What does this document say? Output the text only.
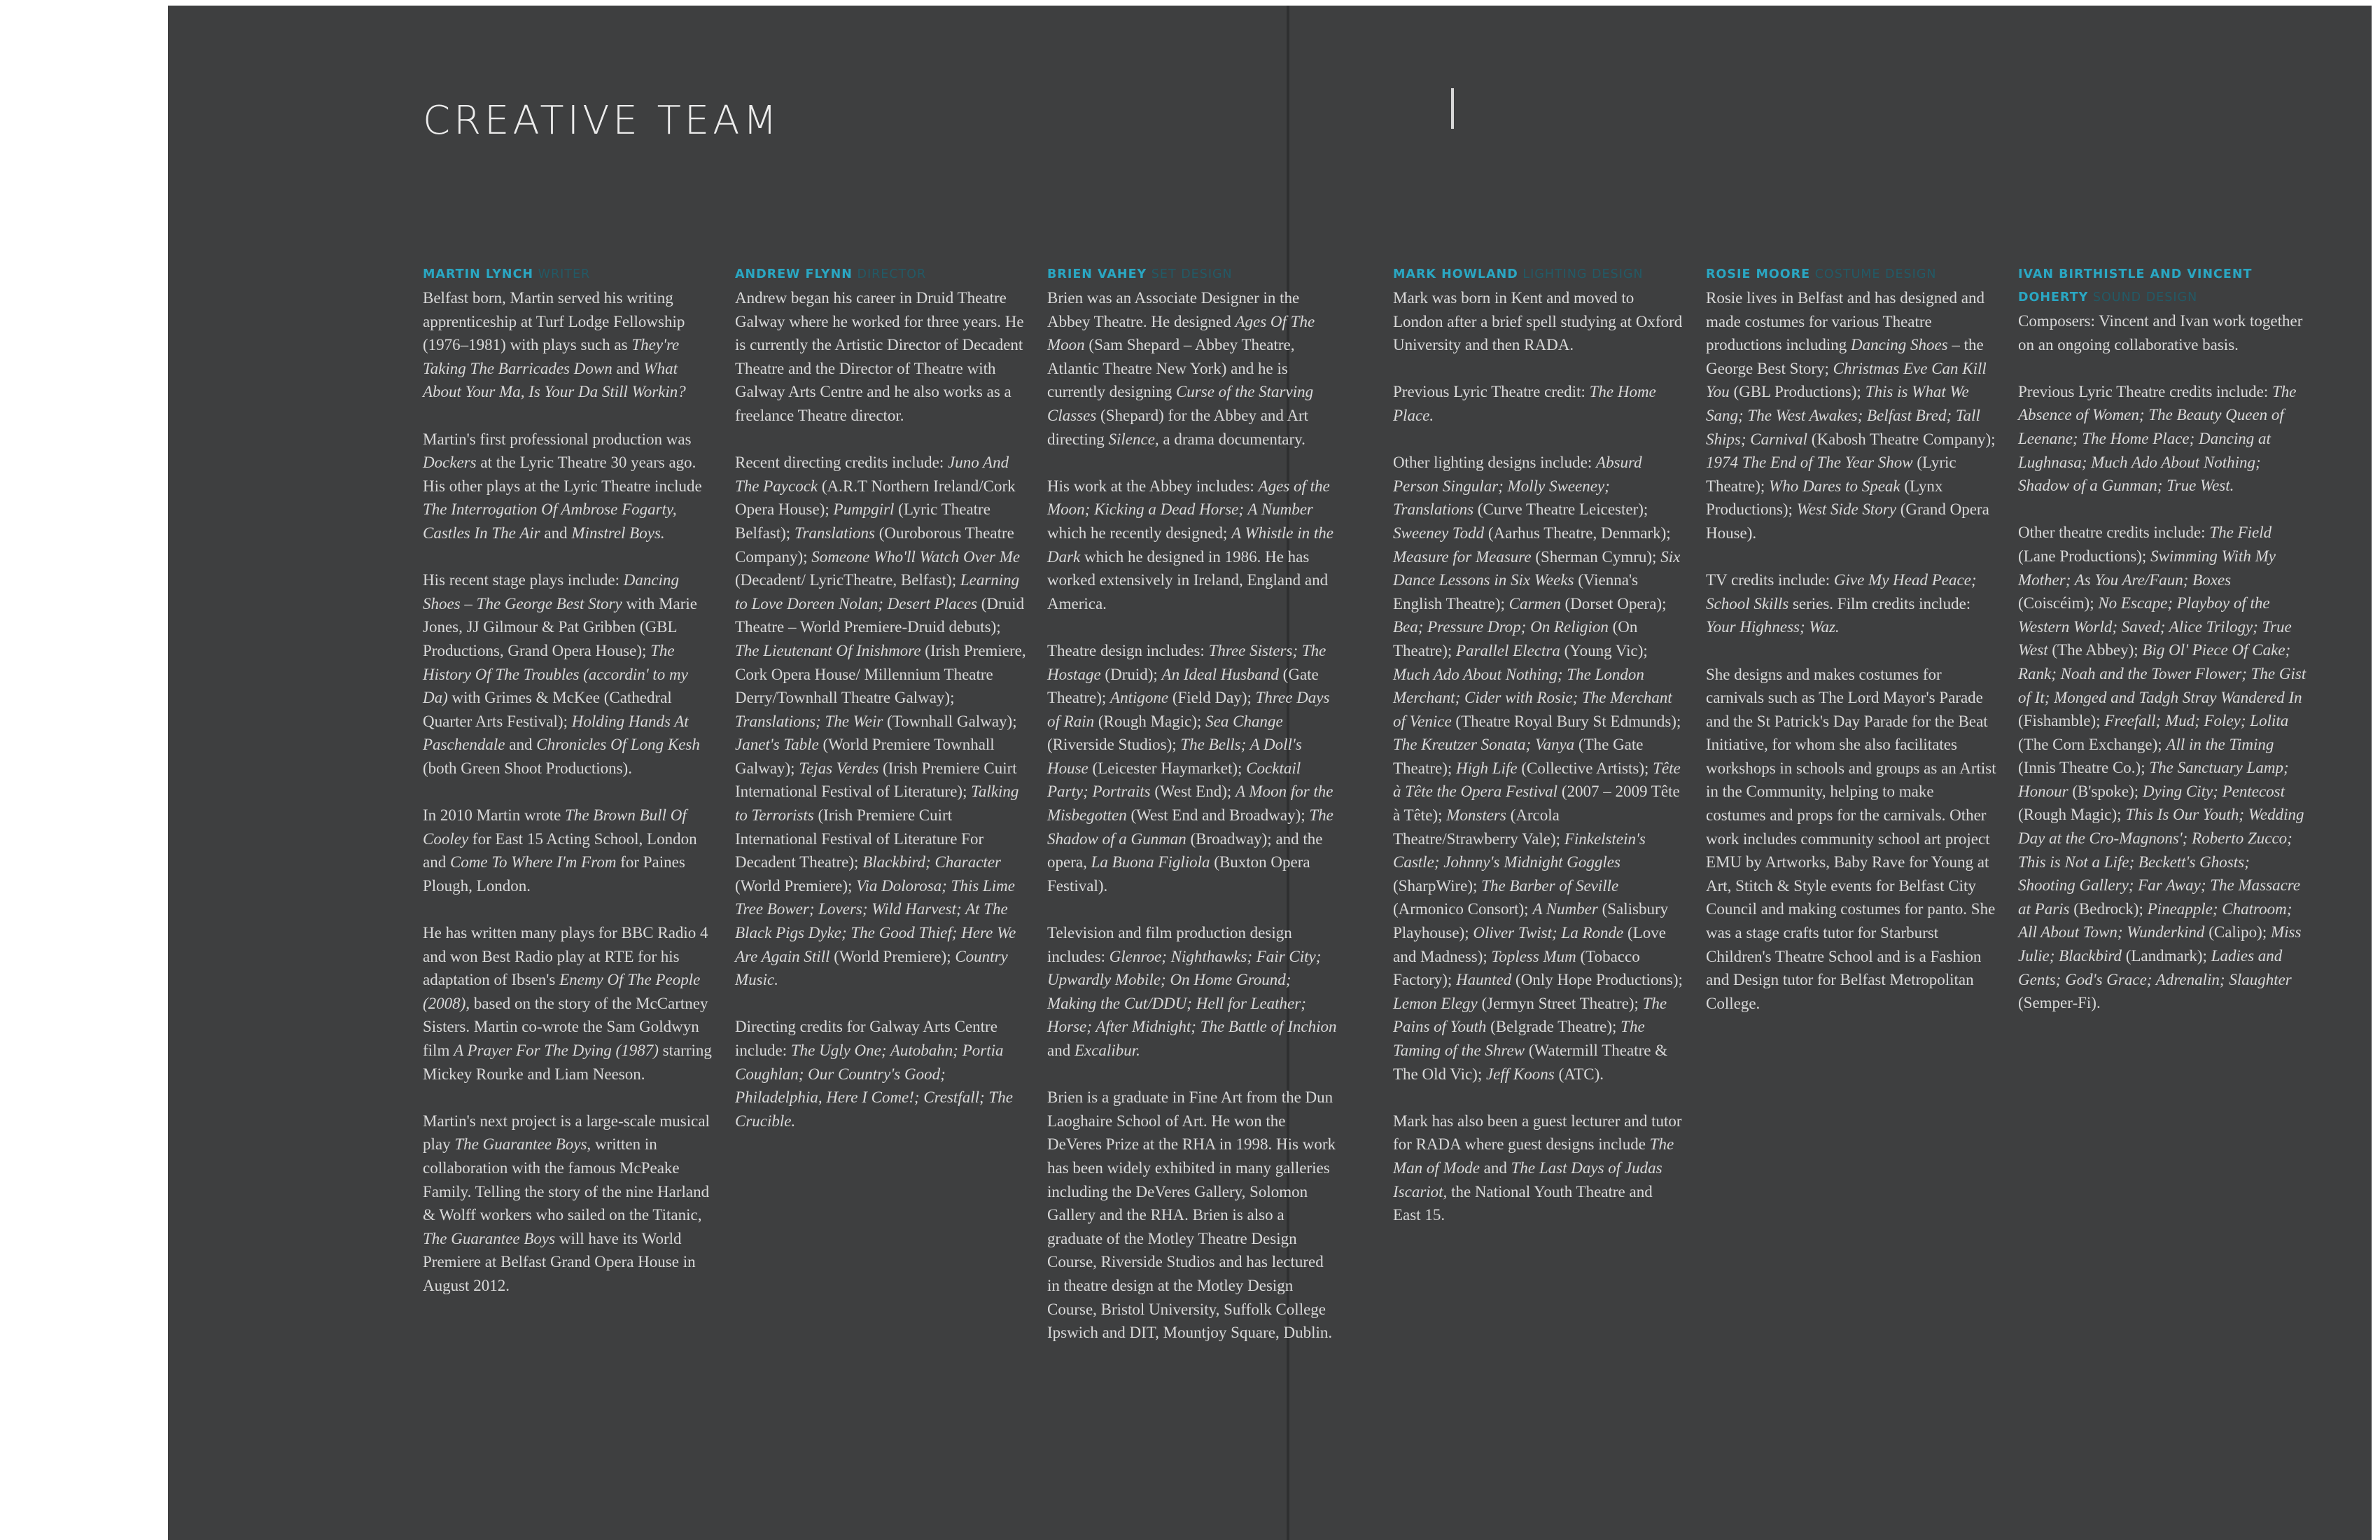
CREATIVE TEAM
MARTIN LYNCH WRITER

Belfast born, Martin served his writing apprenticeship at Turf Lodge Fellowship (1976–1981) with plays such as They're Taking The Barricades Down and What About Your Ma, Is Your Da Still Workin?

Martin's first professional production was Dockers at the Lyric Theatre 30 years ago. His other plays at the Lyric Theatre include The Interrogation Of Ambrose Fogarty, Castles In The Air and Minstrel Boys.

His recent stage plays include: Dancing Shoes – The George Best Story with Marie Jones, JJ Gilmour & Pat Gribben (GBL Productions, Grand Opera House); The History Of The Troubles (accordin' to my Da) with Grimes & McKee (Cathedral Quarter Arts Festival); Holding Hands At Paschendale and Chronicles Of Long Kesh (both Green Shoot Productions).

In 2010 Martin wrote The Brown Bull Of Cooley for East 15 Acting School, London and Come To Where I'm From for Paines Plough, London.

He has written many plays for BBC Radio 4 and won Best Radio play at RTE for his adaptation of Ibsen's Enemy Of The People (2008), based on the story of the McCartney Sisters. Martin co-wrote the Sam Goldwyn film A Prayer For The Dying (1987) starring Mickey Rourke and Liam Neeson.

Martin's next project is a large-scale musical play The Guarantee Boys, written in collaboration with the famous McPeake Family. Telling the story of the nine Harland & Wolff workers who sailed on the Titanic, The Guarantee Boys will have its World Premiere at Belfast Grand Opera House in August 2012.

ANDREW FLYNN DIRECTOR

Andrew began his career in Druid Theatre Galway where he worked for three years. He is currently the Artistic Director of Decadent Theatre and the Director of Theatre with Galway Arts Centre and he also works as a freelance Theatre director.

Recent directing credits include: Juno And The Paycock (A.R.T Northern Ireland/Cork Opera House); Pumpgirl (Lyric Theatre Belfast); Translations (Ouroborous Theatre Company); Someone Who'll Watch Over Me (Decadent/ LyricTheatre, Belfast); Learning to Love Doreen Nolan; Desert Places (Druid Theatre – World Premiere-Druid debuts); The Lieutenant Of Inishmore (Irish Premiere, Cork Opera House/ Millennium Theatre Derry/Townhall Theatre Galway); Translations; The Weir (Townhall Galway); Janet's Table (World Premiere Townhall Galway); Tejas Verdes (Irish Premiere Cuirt International Festival of Literature); Talking to Terrorists (Irish Premiere Cuirt International Festival of Literature For Decadent Theatre); Blackbird; Character (World Premiere); Via Dolorosa; This Lime Tree Bower; Lovers; Wild Harvest; At The Black Pigs Dyke; The Good Thief; Here We Are Again Still (World Premiere); Country Music.

Directing credits for Galway Arts Centre include: The Ugly One; Autobahn; Portia Coughlan; Our Country's Good; Philadelphia, Here I Come!; Crestfall; The Crucible.

BRIEN VAHEY SET DESIGN

Brien was an Associate Designer in the Abbey Theatre. He designed Ages Of The Moon (Sam Shepard – Abbey Theatre, Atlantic Theatre New York) and he is currently designing Curse of the Starving Classes (Shepard) for the Abbey and Art directing Silence, a drama documentary.

His work at the Abbey includes: Ages of the Moon; Kicking a Dead Horse; A Number which he recently designed; A Whistle in the Dark which he designed in 1986. He has worked extensively in Ireland, England and America.

Theatre design includes: Three Sisters; The Hostage (Druid); An Ideal Husband (Gate Theatre); Antigone (Field Day); Three Days of Rain (Rough Magic); Sea Change (Riverside Studios); The Bells; A Doll's House (Leicester Haymarket); Cocktail Party; Portraits (West End); A Moon for the Misbegotten (West End and Broadway); The Shadow of a Gunman (Broadway); and the opera, La Buona Figliola (Buxton Opera Festival).

Television and film production design includes: Glenroe; Nighthawks; Fair City; Upwardly Mobile; On Home Ground; Making the Cut/DDU; Hell for Leather; Horse; After Midnight; The Battle of Inchion and Excalibur.

Brien is a graduate in Fine Art from the Dun Laoghaire School of Art. He won the DeVeres Prize at the RHA in 1998. His work has been widely exhibited in many galleries including the DeVeres Gallery, Solomon Gallery and the RHA. Brien is also a graduate of the Motley Theatre Design Course, Riverside Studios and has lectured in theatre design at the Motley Design Course, Bristol University, Suffolk College Ipswich and DIT, Mountjoy Square, Dublin.

MARK HOWLAND LIGHTING DESIGN

Mark was born in Kent and moved to London after a brief spell studying at Oxford University and then RADA.

Previous Lyric Theatre credit: The Home Place.

Other lighting designs include: Absurd Person Singular; Molly Sweeney; Translations (Curve Theatre Leicester); Sweeney Todd (Aarhus Theatre, Denmark); Measure for Measure (Sherman Cymru); Six Dance Lessons in Six Weeks (Vienna's English Theatre); Carmen (Dorset Opera); Bea; Pressure Drop; On Religion (On Theatre); Parallel Electra (Young Vic); Much Ado About Nothing; The London Merchant; Cider with Rosie; The Merchant of Venice (Theatre Royal Bury St Edmunds); The Kreutzer Sonata; Vanya (The Gate Theatre); High Life (Collective Artists); Tête à Tête the Opera Festival (2007 – 2009 Tête à Tête); Monsters (Arcola Theatre/Strawberry Vale); Finkelstein's Castle; Johnny's Midnight Goggles (SharpWire); The Barber of Seville (Armonico Consort); A Number (Salisbury Playhouse); Oliver Twist; La Ronde (Love and Madness); Topless Mum (Tobacco Factory); Haunted (Only Hope Productions); Lemon Elegy (Jermyn Street Theatre); The Pains of Youth (Belgrade Theatre); The Taming of the Shrew (Watermill Theatre & The Old Vic); Jeff Koons (ATC).

Mark has also been a guest lecturer and tutor for RADA where guest designs include The Man of Mode and The Last Days of Judas Iscariot, the National Youth Theatre and East 15.

ROSIE MOORE COSTUME DESIGN

Rosie lives in Belfast and has designed and made costumes for various Theatre productions including Dancing Shoes – the George Best Story; Christmas Eve Can Kill You (GBL Productions); This is What We Sang; The West Awakes; Belfast Bred; Tall Ships; Carnival (Kabosh Theatre Company); 1974 The End of The Year Show (Lyric Theatre); Who Dares to Speak (Lynx Productions); West Side Story (Grand Opera House).

TV credits include: Give My Head Peace; School Skills series. Film credits include: Your Highness; Waz.

She designs and makes costumes for carnivals such as The Lord Mayor's Parade and the St Patrick's Day Parade for the Beat Initiative, for whom she also facilitates workshops in schools and groups as an Artist in the Community, helping to make costumes and props for the carnivals. Other work includes community school art project EMU by Artworks, Baby Rave for Young at Art, Stitch & Style events for Belfast City Council and making costumes for panto. She was a stage crafts tutor for Starburst Children's Theatre School and is a Fashion and Design tutor for Belfast Metropolitan College.

IVAN BIRTHISTLE AND VINCENT DOHERTY SOUND DESIGN

Composers: Vincent and Ivan work together on an ongoing collaborative basis.

Previous Lyric Theatre credits include: The Absence of Women; The Beauty Queen of Leenane; The Home Place; Dancing at Lughnasa; Much Ado About Nothing; Shadow of a Gunman; True West.

Other theatre credits include: The Field (Lane Productions); Swimming With My Mother; As You Are/Faun; Boxes (Coiscéim); No Escape; Playboy of the Western World; Saved; Alice Trilogy; True West (The Abbey); Big Ol' Piece Of Cake; Rank; Noah and the Tower Flower; The Gist of It; Monged and Tadgh Stray Wandered In (Fishamble); Freefall; Mud; Foley; Lolita (The Corn Exchange); All in the Timing (Innis Theatre Co.); The Sanctuary Lamp; Honour (B'spoke); Dying City; Pentecost (Rough Magic); This Is Our Youth; Wedding Day at the Cro-Magnons'; Roberto Zucco; This is Not a Life; Beckett's Ghosts; Shooting Gallery; Far Away; The Massacre at Paris (Bedrock); Pineapple; Chatroom; All About Town; Wunderkind (Calipo); Miss Julie; Blackbird (Landmark); Ladies and Gents; God's Grace; Adrenalin; Slaughter (Semper-Fi).
